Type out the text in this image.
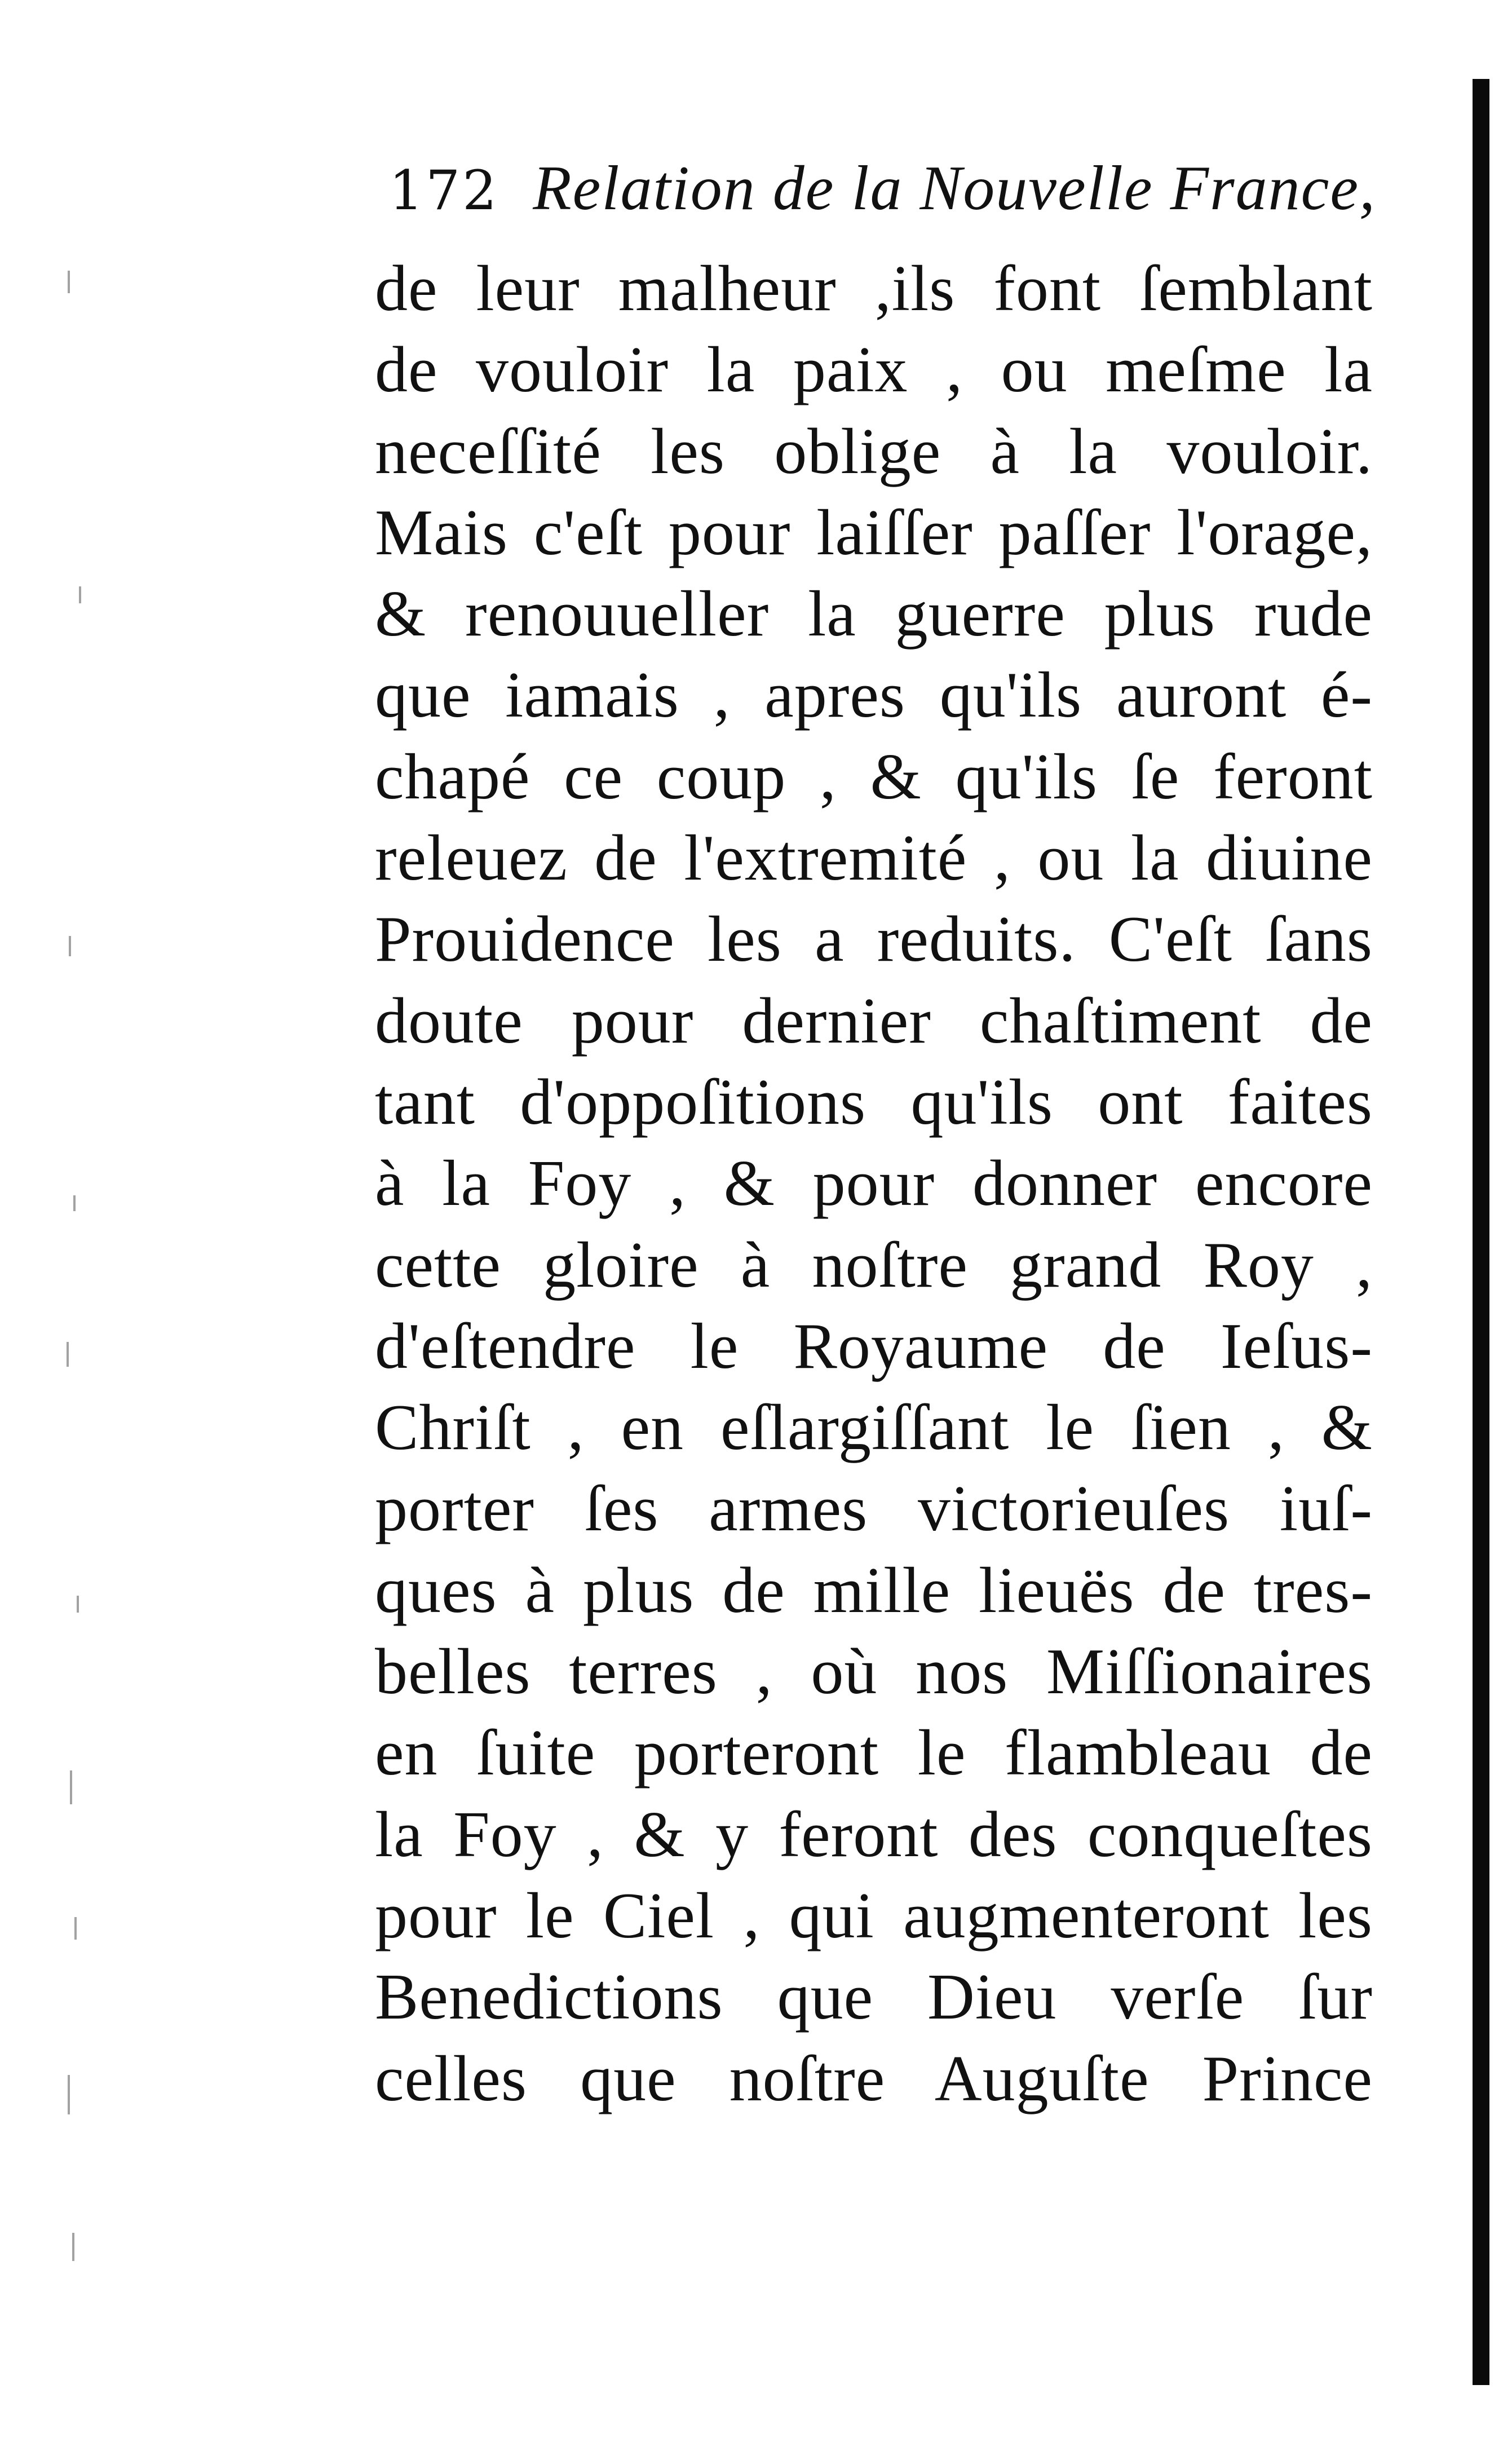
172 Relation de la Nouvelle France,
de leur malheur ,ils font ſemblant
de vouloir la paix , ou meſme la
neceſſité les oblige à la vouloir.
Mais c'eſt pour laiſſer paſſer l'orage,
& renouueller la guerre plus rude
que iamais , apres qu'ils auront é-
chapé ce coup , & qu'ils ſe feront
releuez de l'extremité , ou la diuine
Prouidence les a reduits. C'eſt ſans
doute pour dernier chaſtiment de
tant d'oppoſitions qu'ils ont faites
à la Foy , & pour donner encore
cette gloire à noſtre grand Roy ,
d'eſtendre le Royaume de Ieſus-
Chriſt , en eſlargiſſant le ſien , &
porter ſes armes victorieuſes iuſ-
ques à plus de mille lieuës de tres-
belles terres , où nos Miſſionaires
en ſuite porteront le flambleau de
la Foy , & y feront des conqueſtes
pour le Ciel , qui augmenteront les
Benedictions que Dieu verſe ſur
celles que noſtre Auguſte Prince
